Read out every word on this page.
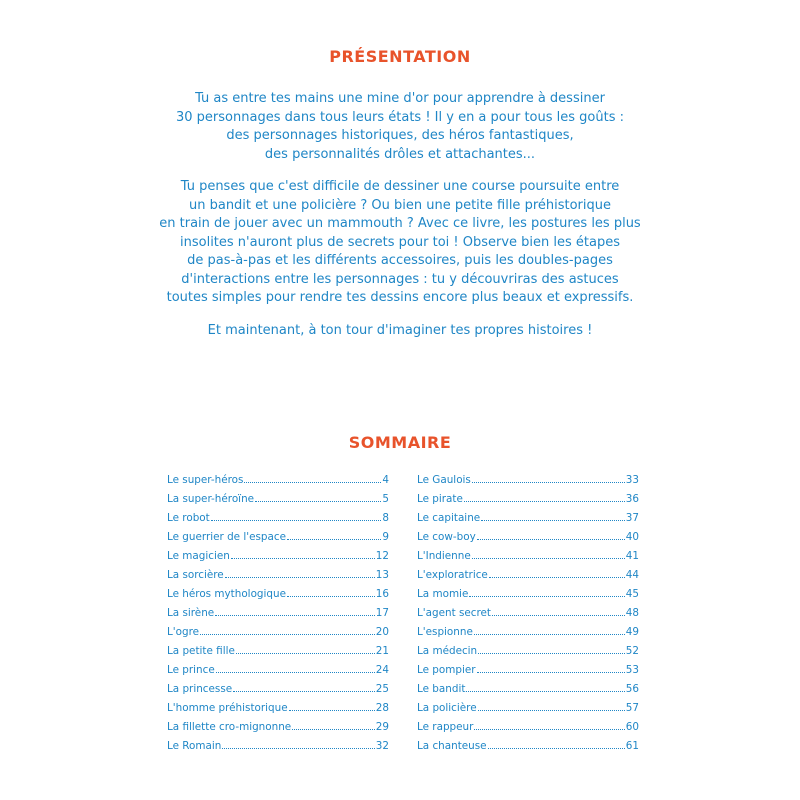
PRÉSENTATION

Tu as entre tes mains une mine d'or pour apprendre à dessiner
30 personnages dans tous leurs états ! Il y en a pour tous les goûts :
des personnages historiques, des héros fantastiques,
des personnalités drôles et attachantes...

Tu penses que c'est difficile de dessiner une course poursuite entre
un bandit et une policière ? Ou bien une petite fille préhistorique
en train de jouer avec un mammouth ? Avec ce livre, les postures les plus
insolites n'auront plus de secrets pour toi ! Observe bien les étapes
de pas-à-pas et les différents accessoires, puis les doubles-pages
d'interactions entre les personnages : tu y découvriras des astuces
toutes simples pour rendre tes dessins encore plus beaux et expressifs.

Et maintenant, à ton tour d'imaginer tes propres histoires !

SOMMAIRE
Le super-héros	4
La super-héroïne	5
Le robot	8
Le guerrier de l'espace	9
Le magicien	12
La sorcière	13
Le héros mythologique	16
La sirène	17
L'ogre	20
La petite fille	21
Le prince	24
La princesse	25
L'homme préhistorique	28
La fillette cro-mignonne	29
Le Romain	32
Le Gaulois	33
Le pirate	36
Le capitaine	37
Le cow-boy	40
L'Indienne	41
L'exploratrice	44
La momie	45
L'agent secret	48
L'espionne	49
La médecin	52
Le pompier	53
Le bandit	56
La policière	57
Le rappeur	60
La chanteuse	61
